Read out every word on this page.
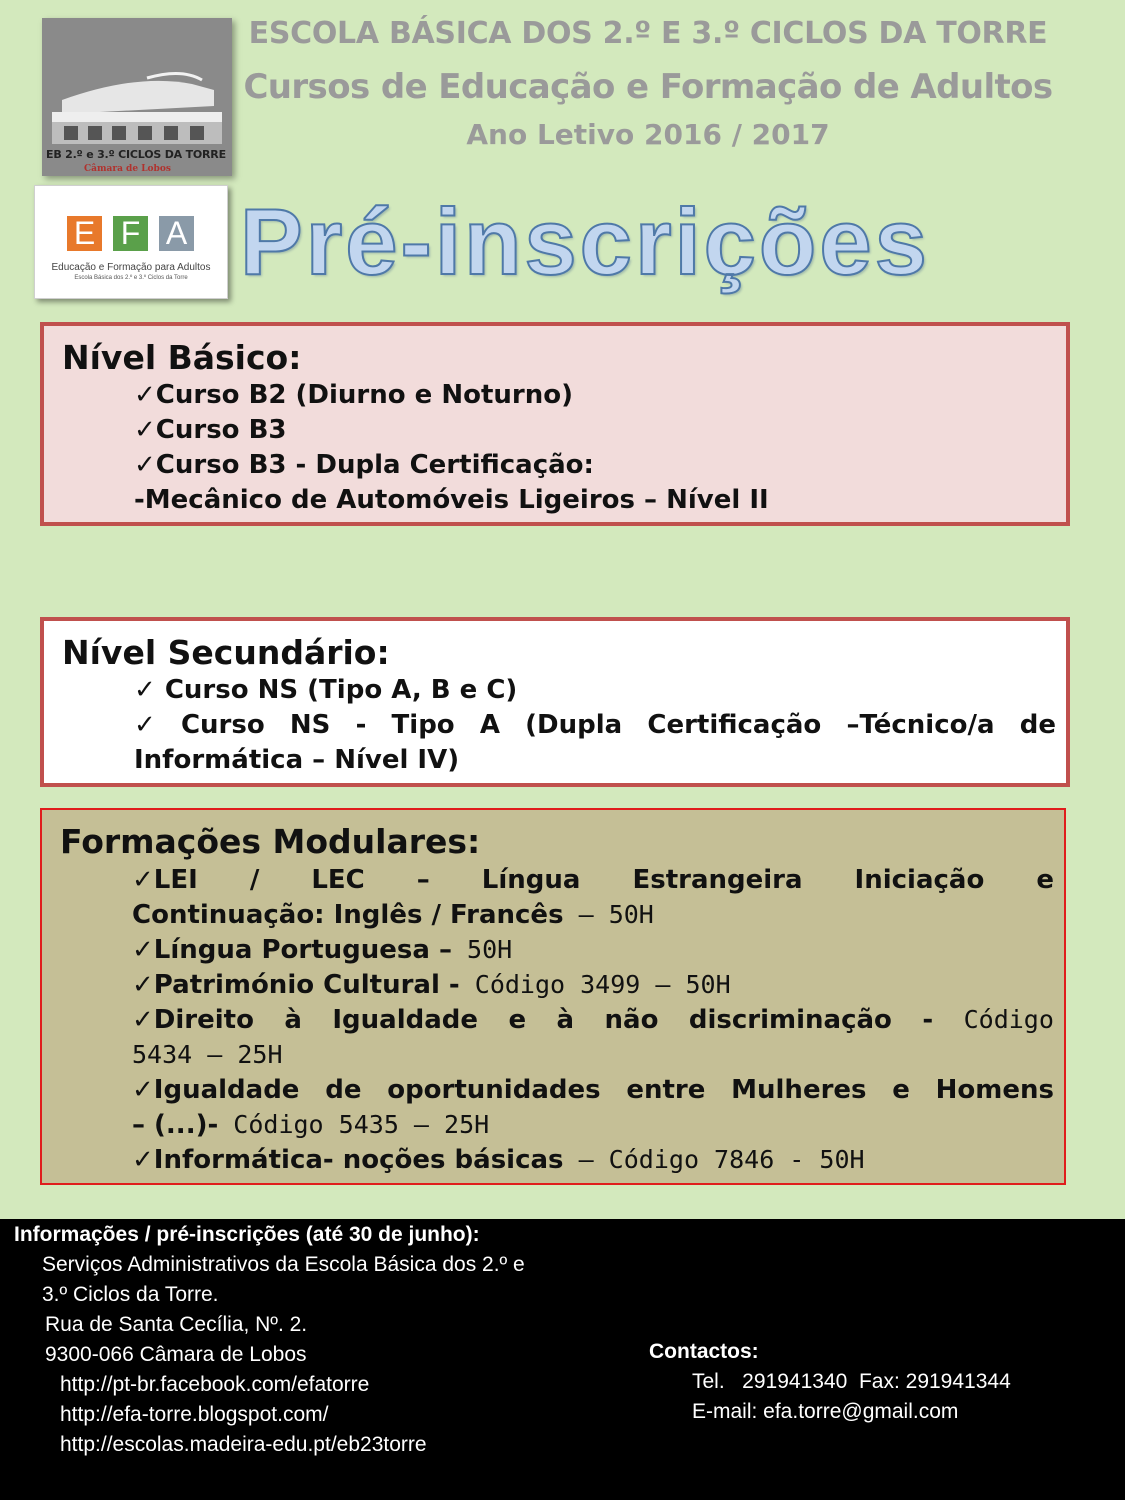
EB 2.º e 3.º CICLOS DA TORRE
Câmara de Lobos
ESCOLA BÁSICA DOS 2.º E 3.º CICLOS DA TORRE
Cursos de Educação e Formação de Adultos
Ano Letivo 2016 / 2017
E F A
Educação e Formação para Adultos
Escola Básica dos 2.º e 3.º Ciclos da Torre Pré-inscrições
Nível Básico:
✓Curso B2 (Diurno e Noturno)
✓Curso B3
✓Curso B3 - Dupla Certificação:
-Mecânico de Automóveis Ligeiros – Nível II
Nível Secundário:
✓ Curso NS (Tipo A, B e C)
✓ Curso NS - Tipo A (Dupla Certificação –Técnico/a de
Informática – Nível IV)
Formações Modulares:
✓LEI / LEC – Língua Estrangeira Iniciação e
Continuação: Inglês / Francês – 50H
✓Língua Portuguesa – 50H
✓Património Cultural - Código 3499 – 50H
✓Direito à Igualdade e à não discriminação - Código
5434 – 25H
✓Igualdade de oportunidades entre Mulheres e Homens
– (...)- Código 5435 – 25H
✓Informática- noções básicas – Código 7846 - 50H
Informações / pré-inscrições (até 30 de junho):
Serviços Administrativos da Escola Básica dos 2.º e
3.º Ciclos da Torre.
Rua de Santa Cecília, Nº. 2.
9300-066 Câmara de Lobos
http://pt-br.facebook.com/efatorre
http://efa-torre.blogspot.com/
http://escolas.madeira-edu.pt/eb23torre
Contactos:
Tel.   291941340  Fax: 291941344
E-mail: efa.torre@gmail.com
